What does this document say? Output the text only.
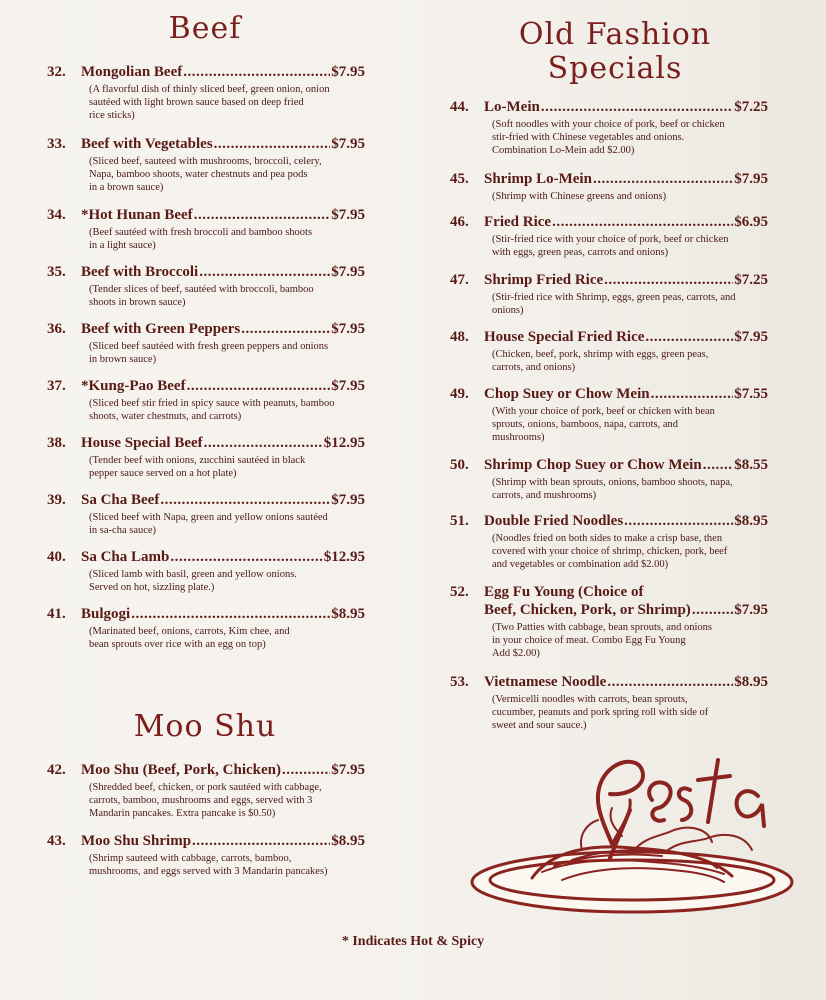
Beef	Old Fashion
Specials
Moo Shu
32.	Mongolian Beef .....	$7.95
(A flavorful dish of thinly sliced beef, green onion, onion
sautéed with light brown sauce based on deep fried
rice sticks)
33.	Beef with Vegetables .....	$7.95
(Sliced beef, sauteed with mushrooms, broccoli, celery,
Napa, bamboo shoots, water chestnuts and pea pods
in a brown sauce)
34.	*Hot Hunan Beef .....	$7.95
(Beef sautéed with fresh broccoli and bamboo shoots
in a light sauce)
35.	Beef with Broccoli .....	$7.95
(Tender slices of beef, sautéed with broccoli, bamboo
shoots in brown sauce)
36.	Beef with Green Peppers .....	$7.95
(Sliced beef sautéed with fresh green peppers and onions
in brown sauce)
37.	*Kung-Pao Beef .....	$7.95
(Sliced beef stir fried in spicy sauce with peanuts, bamboo
shoots, water chestnuts, and carrots)
38.	House Special Beef .....	$12.95
(Tender beef with onions, zucchini sautéed in black
pepper sauce served on a hot plate)
39.	Sa Cha Beef .....	$7.95
(Sliced beef with Napa, green and yellow onions sautéed
in sa-cha sauce)
40.	Sa Cha Lamb .....	$12.95
(Sliced lamb with basil, green and yellow onions.
Served on hot, sizzling plate.)
41.	Bulgogi .....	$8.95
(Marinated beef, onions, carrots, Kim chee, and
bean sprouts over rice with an egg on top)
42.	Moo Shu (Beef, Pork, Chicken) .....	$7.95
(Shredded beef, chicken, or pork sautéed with cabbage,
carrots, bamboo, mushrooms and eggs, served with 3
Mandarin pancakes. Extra pancake is $0.50)
43.	Moo Shu Shrimp .....	$8.95
(Shrimp sauteed with cabbage, carrots, bamboo,
mushrooms, and eggs served with 3 Mandarin pancakes)
44.	Lo-Mein .....	$7.25
(Soft noodles with your choice of pork, beef or chicken
stir-fried with Chinese vegetables and onions.
Combination Lo-Mein add $2.00)
45.	Shrimp Lo-Mein .....	$7.95
(Shrimp with Chinese greens and onions)
46.	Fried Rice .....	$6.95
(Stir-fried rice with your choice of pork, beef or chicken
with eggs, green peas, carrots and onions)
47.	Shrimp Fried Rice .....	$7.25
(Stir-fried rice with Shrimp, eggs, green peas, carrots, and
onions)
48.	House Special Fried Rice .....	$7.95
(Chicken, beef, pork, shrimp with eggs, green peas,
carrots, and onions)
49.	Chop Suey or Chow Mein .....	$7.55
(With your choice of pork, beef or chicken with bean
sprouts, onions, bamboos, napa, carrots, and
mushrooms)
50.	Shrimp Chop Suey or Chow Mein ..... $8.55
(Shrimp with bean sprouts, onions, bamboo shoots, napa,
carrots, and mushrooms)
51.	Double Fried Noodles .....	$8.95
(Noodles fried on both sides to make a crisp base, then
covered with your choice of shrimp, chicken, pork, beef
and vegetables or combination add $2.00)
52.	Egg Fu Young (Choice of
Beef, Chicken, Pork, or Shrimp) .....	$7.95
(Two Patties with cabbage, bean sprouts, and onions
in your choice of meat. Combo Egg Fu Young
Add $2.00)
53.	Vietnamese Noodle .....	$8.95
(Vermicelli noodles with carrots, bean sprouts,
cucumber, peanuts and pork spring roll with side of
sweet and sour sauce.)
Pasta
* Indicates Hot & Spicy
